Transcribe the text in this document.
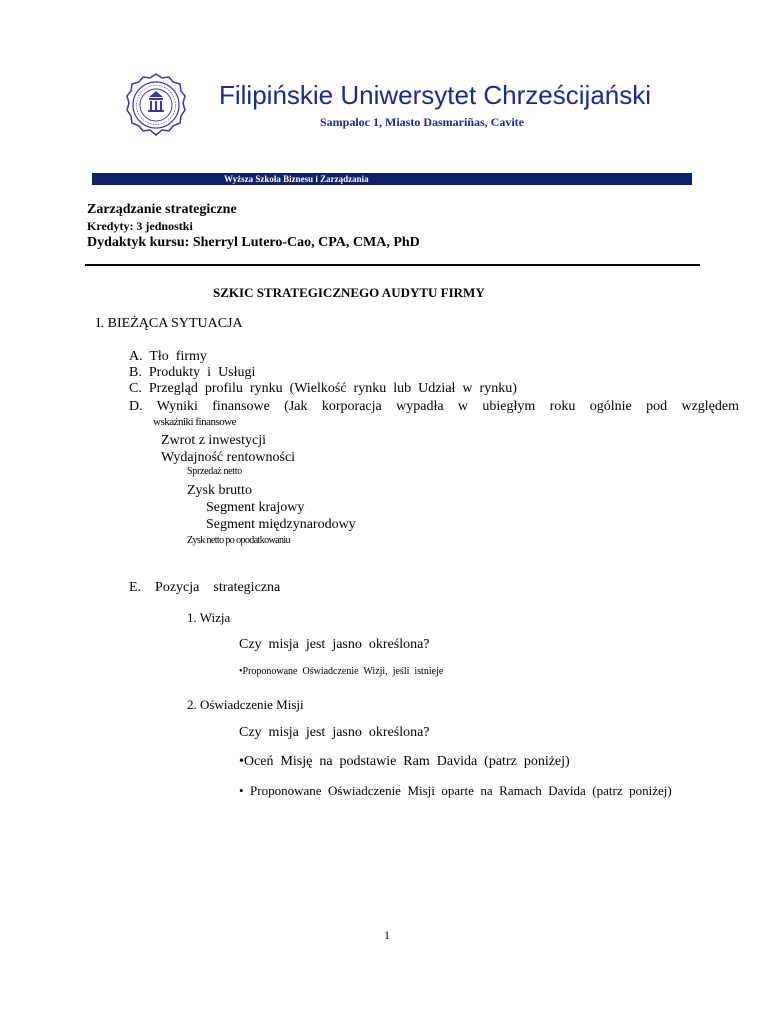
Filipińskie Uniwersytet Chrześcijański
Sampaloc 1, Miasto Dasmariñas, Cavite
Wyższa Szkoła Biznesu i Zarządzania
Zarządzanie strategiczne
Kredyty: 3 jednostki
Dydaktyk kursu: Sherryl Lutero-Cao, CPA, CMA, PhD
SZKIC STRATEGICZNEGO AUDYTU FIRMY
I. BIEŻĄCA SYTUACJA
A.  Tło  firmy
B.  Produkty  i  Usługi
C.  Przegląd  profilu  rynku  (Wielkość  rynku  lub  Udział  w  rynku)
D. Wyniki finansowe (Jak korporacja wypadła w ubiegłym roku ogólnie pod względem
wskaźniki finansowe
Zwrot z inwestycji
Wydajność rentowności
Sprzedaż netto
Zysk brutto
Segment krajowy
Segment międzynarodowy
Zysk netto po opodatkowaniu
E.    Pozycja    strategiczna
1. Wizja
Czy  misja  jest  jasno  określona?
•Proponowane  Oświadczenie  Wizji,  jeśli  istnieje
2. Oświadczenie Misji
Czy  misja  jest  jasno  określona?
•Oceń  Misję  na  podstawie  Ram  Davida  (patrz  poniżej)
•  Proponowane  Oświadczenie  Misji  oparte  na  Ramach  Davida  (patrz  poniżej)
1
